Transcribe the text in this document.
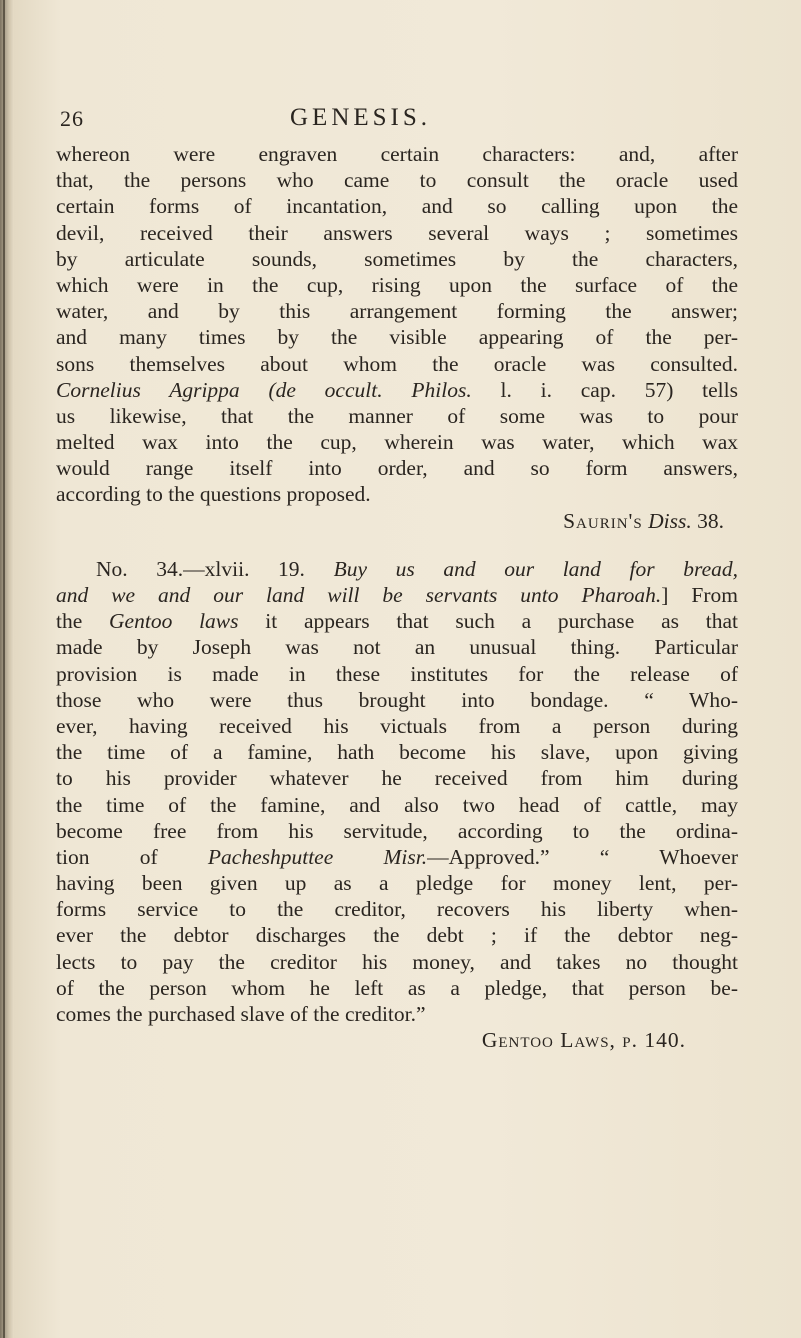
26	GENESIS.
whereon were engraven certain characters: and, after
that, the persons who came to consult the oracle used
certain forms of incantation, and so calling upon the
devil, received their answers several ways ; sometimes
by articulate sounds, sometimes by the characters,
which were in the cup, rising upon the surface of the
water, and by this arrangement forming the answer;
and many times by the visible appearing of the per-
sons themselves about whom the oracle was consulted.
Cornelius Agrippa (de occult. Philos. l. i. cap. 57) tells
us likewise, that the manner of some was to pour
melted wax into the cup, wherein was water, which wax
would range itself into order, and so form answers,
according to the questions proposed.
Saurin's Diss. 38.
No. 34.—xlvii. 19. Buy us and our land for bread,
and we and our land will be servants unto Pharoah.] From
the Gentoo laws it appears that such a purchase as that
made by Joseph was not an unusual thing. Particular
provision is made in these institutes for the release of
those who were thus brought into bondage. “ Who-
ever, having received his victuals from a person during
the time of a famine, hath become his slave, upon giving
to his provider whatever he received from him during
the time of the famine, and also two head of cattle, may
become free from his servitude, according to the ordina-
tion of Pacheshputtee Misr.—Approved.” “ Whoever
having been given up as a pledge for money lent, per-
forms service to the creditor, recovers his liberty when-
ever the debtor discharges the debt ; if the debtor neg-
lects to pay the creditor his money, and takes no thought
of the person whom he left as a pledge, that person be-
comes the purchased slave of the creditor.”
Gentoo Laws, p. 140.
